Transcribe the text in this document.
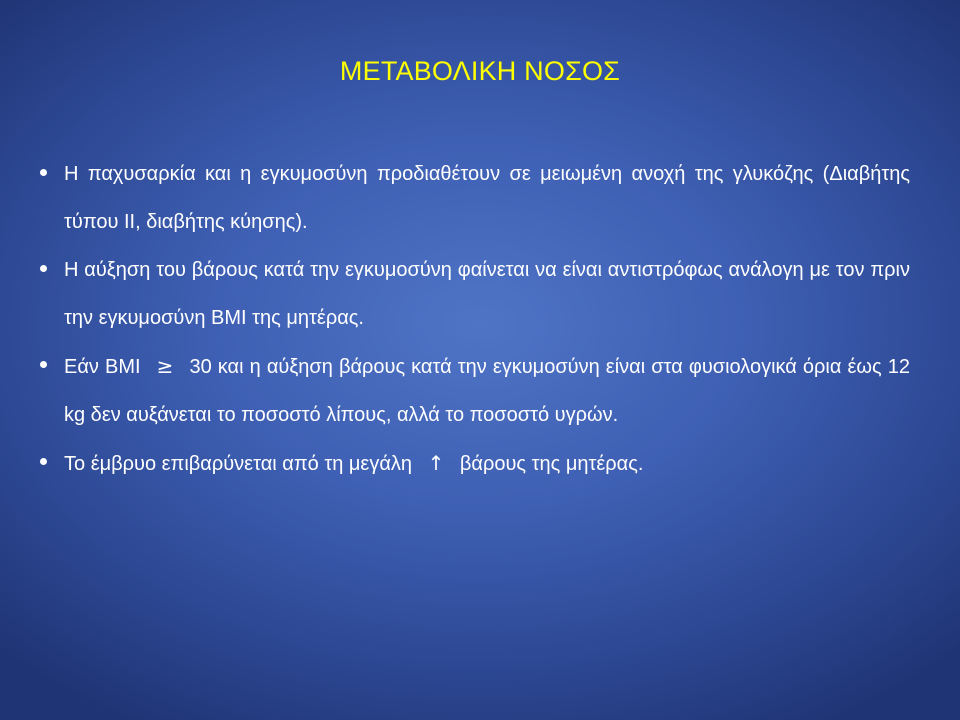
ΜΕΤΑΒΟΛΙΚΗ ΝΟΣΟΣ
Η παχυσαρκία και η εγκυμοσύνη προδιαθέτουν σε μειωμένη ανοχή της γλυκόζης (Διαβήτης τύπου ΙΙ, διαβήτης κύησης).
Η αύξηση του βάρους κατά την εγκυμοσύνη φαίνεται να είναι αντιστρόφως ανάλογη με τον πριν την εγκυμοσύνη ΒΜΙ της μητέρας.
Εάν ΒΜΙ ≥ 30 και η αύξηση βάρους κατά την εγκυμοσύνη είναι στα φυσιολογικά όρια έως 12 kg δεν αυξάνεται το ποσοστό λίπους, αλλά το ποσοστό υγρών.
Το έμβρυο επιβαρύνεται από τη μεγάλη ↑ βάρους της μητέρας.
